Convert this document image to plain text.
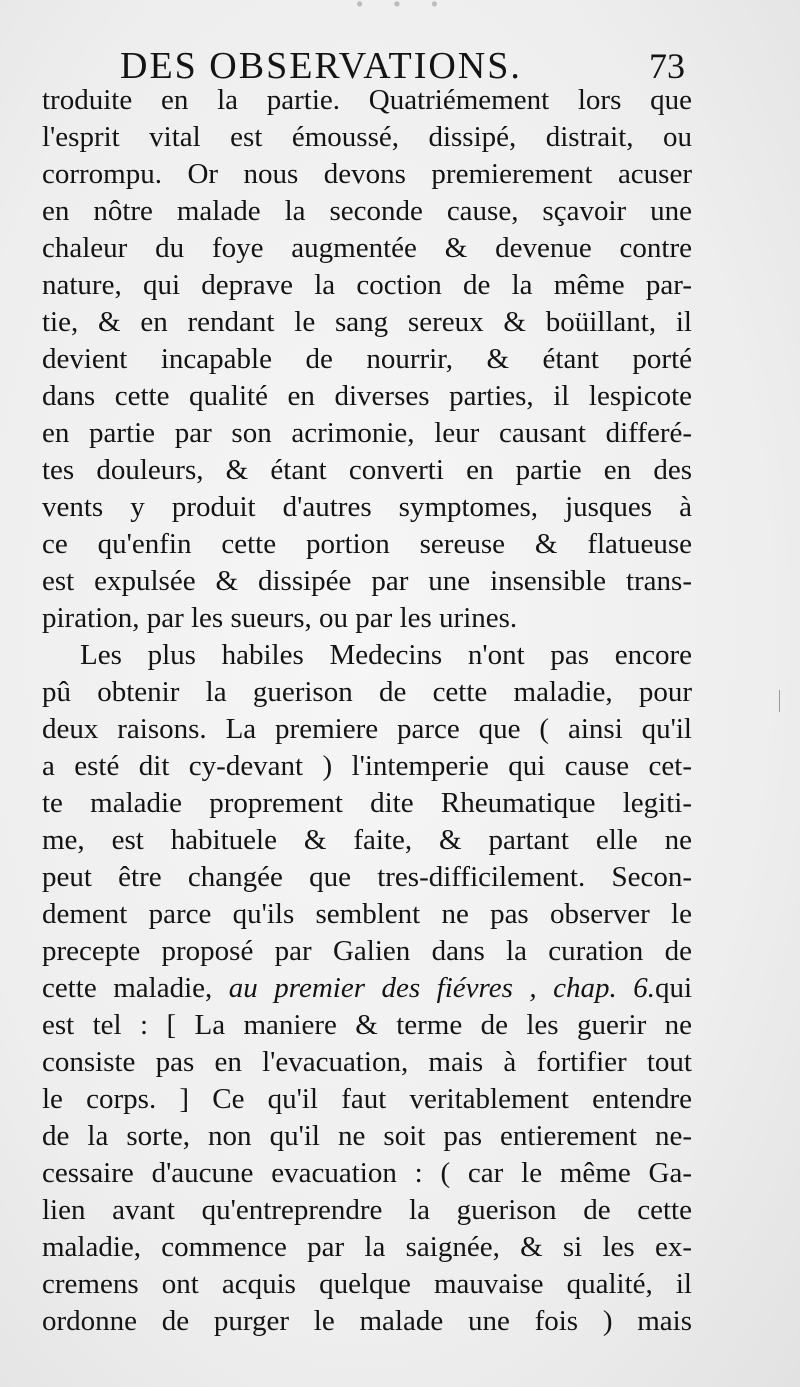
· · ·
DES OBSERVATIONS.	73
troduite en la partie. Quatriémement lors que
l'esprit vital est émoussé, dissipé, distrait, ou
corrompu. Or nous devons premierement acuser
en nôtre malade la seconde cause, sçavoir une
chaleur du foye augmentée & devenue contre
nature, qui deprave la coction de la même par-
tie, & en rendant le sang sereux & boüillant, il
devient incapable de nourrir, & étant porté
dans cette qualité en diverses parties, il lespicote
en partie par son acrimonie, leur causant differé-
tes douleurs, & étant converti en partie en des
vents y produit d'autres symptomes, jusques à
ce qu'enfin cette portion sereuse & flatueuse
est expulsée & dissipée par une insensible trans-
piration, par les sueurs, ou par les urines.
Les plus habiles Medecins n'ont pas encore
pû obtenir la guerison de cette maladie, pour
deux raisons. La premiere parce que ( ainsi qu'il
a esté dit cy-devant ) l'intemperie qui cause cet-
te maladie proprement dite Rheumatique legiti-
me, est habituele & faite, & partant elle ne
peut être changée que tres-difficilement. Secon-
dement parce qu'ils semblent ne pas observer le
precepte proposé par Galien dans la curation de
cette maladie, au premier des fiévres , chap. 6.qui
est tel : [ La maniere & terme de les guerir ne
consiste pas en l'evacuation, mais à fortifier tout
le corps. ] Ce qu'il faut veritablement entendre
de la sorte, non qu'il ne soit pas entierement ne-
cessaire d'aucune evacuation : ( car le même Ga-
lien avant qu'entreprendre la guerison de cette
maladie, commence par la saignée, & si les ex-
cremens ont acquis quelque mauvaise qualité, il
ordonne de purger le malade une fois ) mais
